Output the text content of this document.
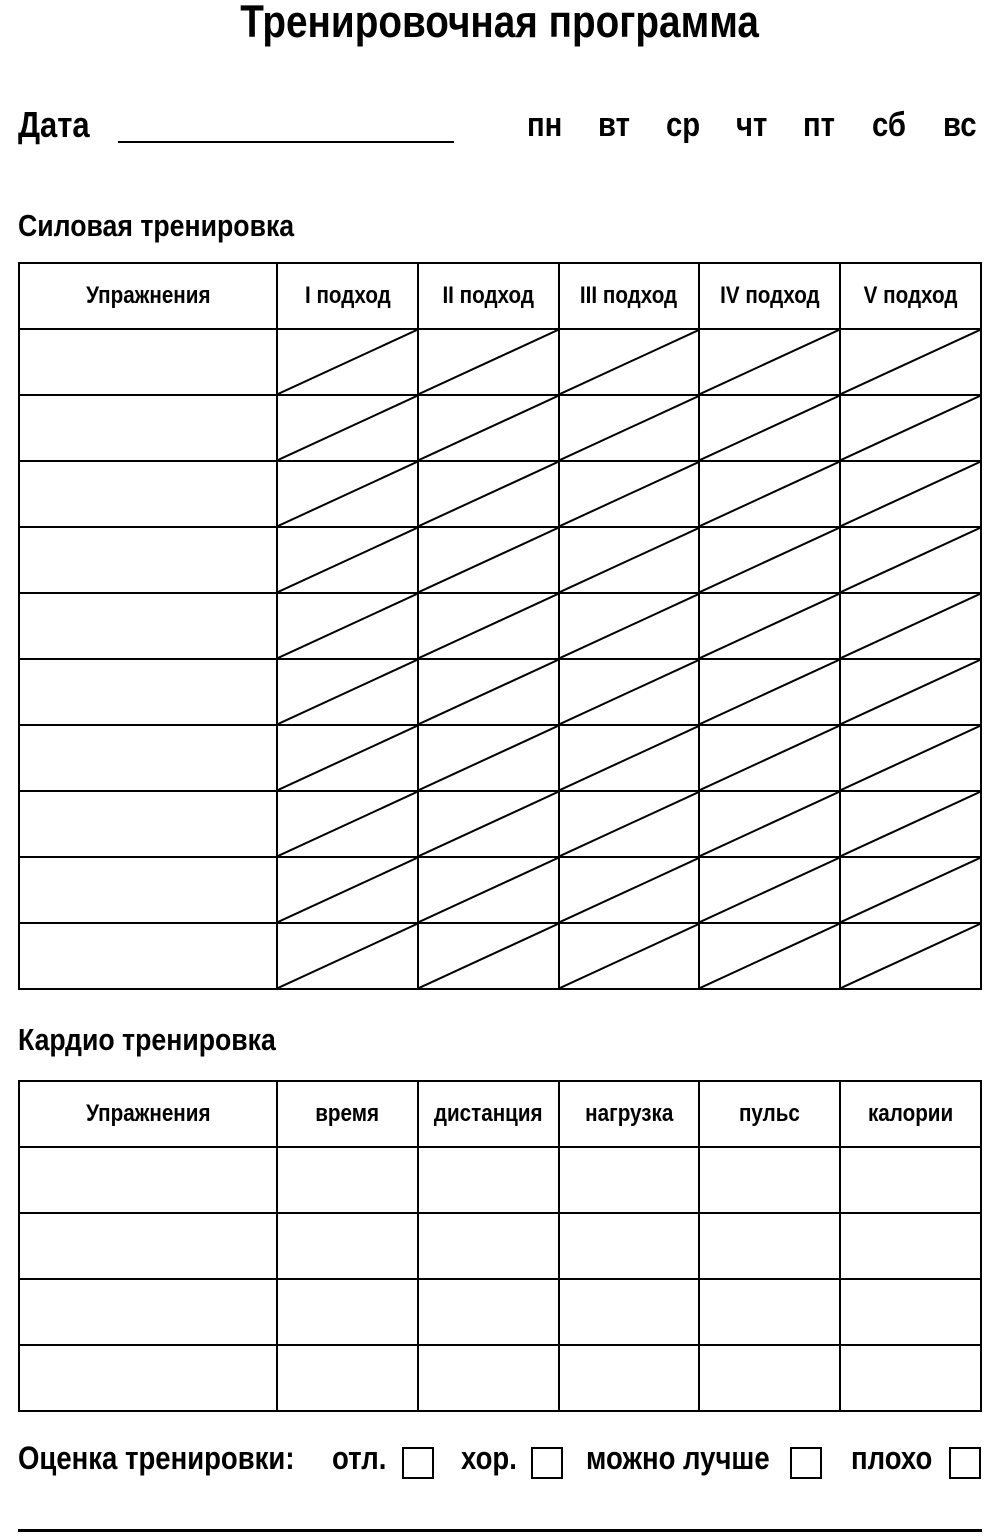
Тренировочная программа
Дата	пн вт ср чт пт сб вс
Силовая тренировка
Упражнения	I подход	II подход	III подход	IV подход	V подход

Кардио тренировка
Упражнения	время	дистанция	нагрузка	пульс	калории

Оценка тренировки:	отл. хор. можно лучше	плохо
